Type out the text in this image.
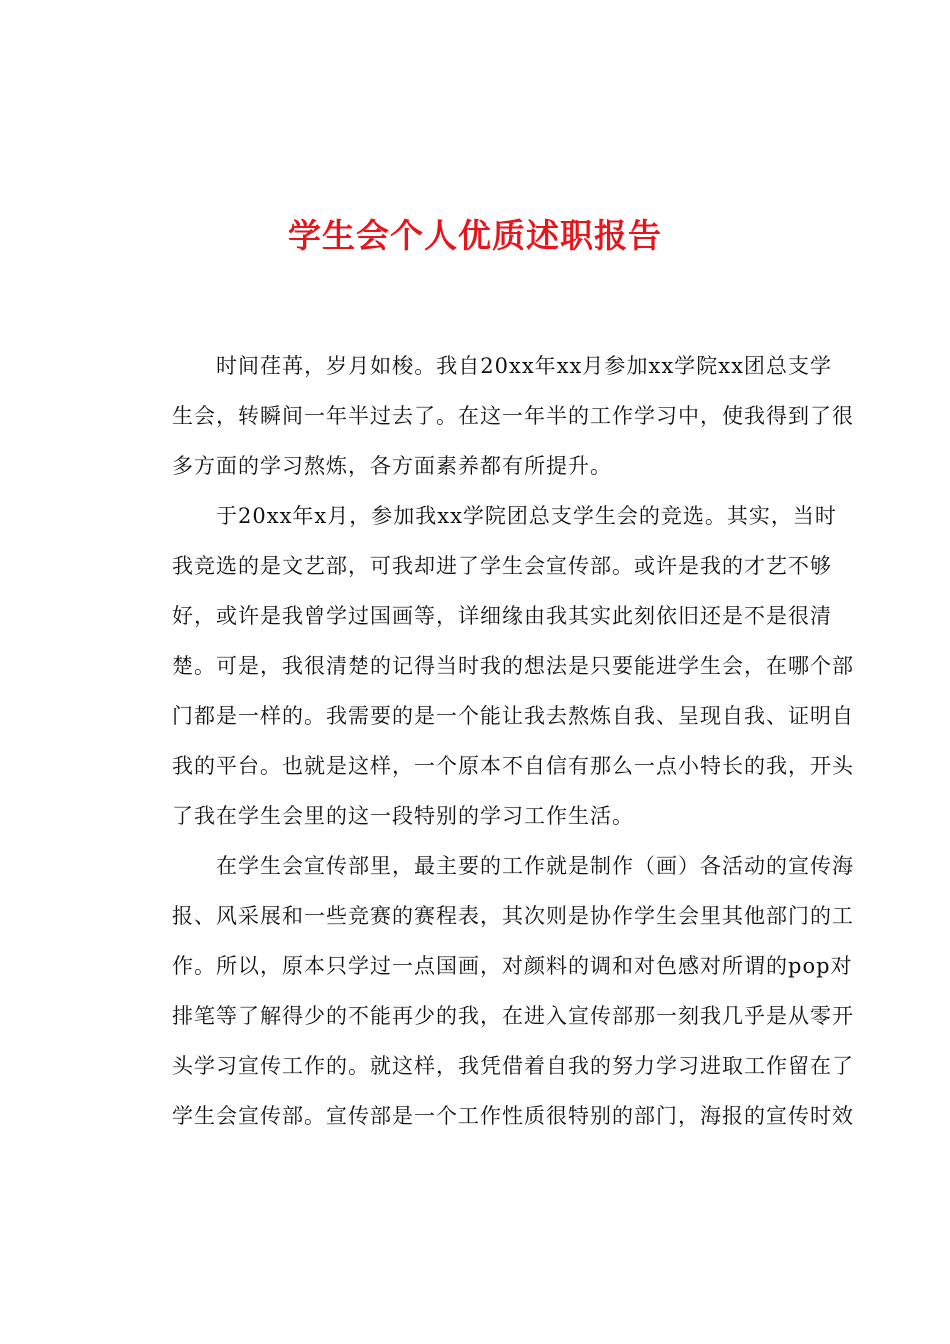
学生会个人优质述职报告
时间荏苒，岁月如梭。我自20xx年xx月参加xx学院xx团总支学
生会，转瞬间一年半过去了。在这一年半的工作学习中，使我得到了很
多方面的学习熬炼，各方面素养都有所提升。
于20xx年x月，参加我xx学院团总支学生会的竞选。其实，当时
我竞选的是文艺部，可我却进了学生会宣传部。或许是我的才艺不够
好，或许是我曾学过国画等，详细缘由我其实此刻依旧还是不是很清
楚。可是，我很清楚的记得当时我的想法是只要能进学生会，在哪个部
门都是一样的。我需要的是一个能让我去熬炼自我、呈现自我、证明自
我的平台。也就是这样，一个原本不自信有那么一点小特长的我，开头
了我在学生会里的这一段特别的学习工作生活。
在学生会宣传部里，最主要的工作就是制作（画）各活动的宣传海
报、风采展和一些竞赛的赛程表，其次则是协作学生会里其他部门的工
作。所以，原本只学过一点国画，对颜料的调和对色感对所谓的pop对
排笔等了解得少的不能再少的我，在进入宣传部那一刻我几乎是从零开
头学习宣传工作的。就这样，我凭借着自我的努力学习进取工作留在了
学生会宣传部。宣传部是一个工作性质很特别的部门，海报的宣传时效
